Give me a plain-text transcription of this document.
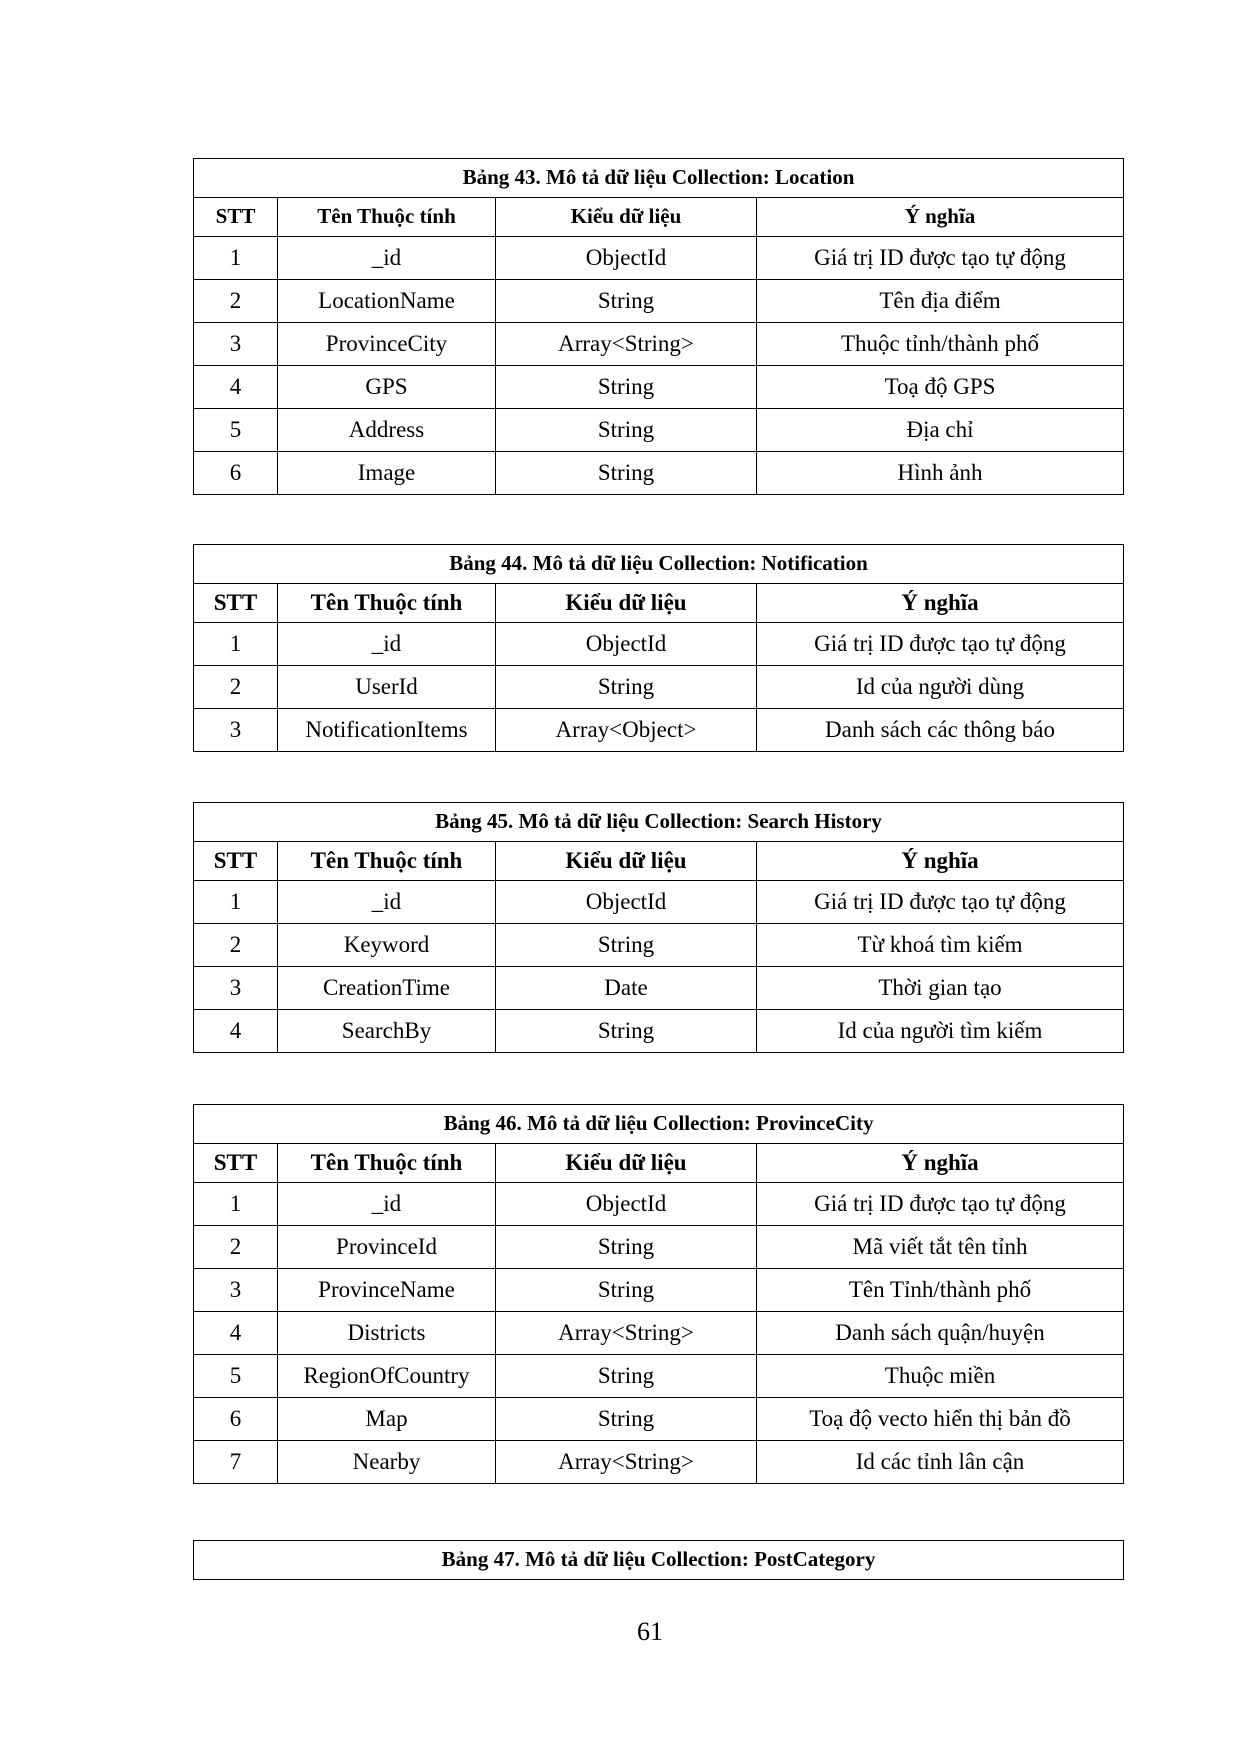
Bảng 43. Mô tả dữ liệu Collection: Location			
STT	Tên Thuộc tính	Kiểu dữ liệu	Ý nghĩa
1	_id	ObjectId	Giá trị ID được tạo tự động
2	LocationName	String	Tên địa điểm
3	ProvinceCity	Array<String>	Thuộc tỉnh/thành phố
4	GPS	String	Toạ độ GPS
5	Address	String	Địa chỉ
6	Image	String	Hình ảnh
Bảng 44. Mô tả dữ liệu Collection: Notification			
STT	Tên Thuộc tính	Kiểu dữ liệu	Ý nghĩa
1	_id	ObjectId	Giá trị ID được tạo tự động
2	UserId	String	Id của người dùng
3	NotificationItems	Array<Object>	Danh sách các thông báo
Bảng 45. Mô tả dữ liệu Collection: Search History			
STT	Tên Thuộc tính	Kiểu dữ liệu	Ý nghĩa
1	_id	ObjectId	Giá trị ID được tạo tự động
2	Keyword	String	Từ khoá tìm kiếm
3	CreationTime	Date	Thời gian tạo
4	SearchBy	String	Id của người tìm kiếm
Bảng 46. Mô tả dữ liệu Collection: ProvinceCity			
STT	Tên Thuộc tính	Kiểu dữ liệu	Ý nghĩa
1	_id	ObjectId	Giá trị ID được tạo tự động
2	ProvinceId	String	Mã viết tắt tên tỉnh
3	ProvinceName	String	Tên Tỉnh/thành phố
4	Districts	Array<String>	Danh sách quận/huyện
5	RegionOfCountry	String	Thuộc miền
6	Map	String	Toạ độ vecto hiển thị bản đồ
7	Nearby	Array<String>	Id các tỉnh lân cận
Bảng 47. Mô tả dữ liệu Collection: PostCategory
61
